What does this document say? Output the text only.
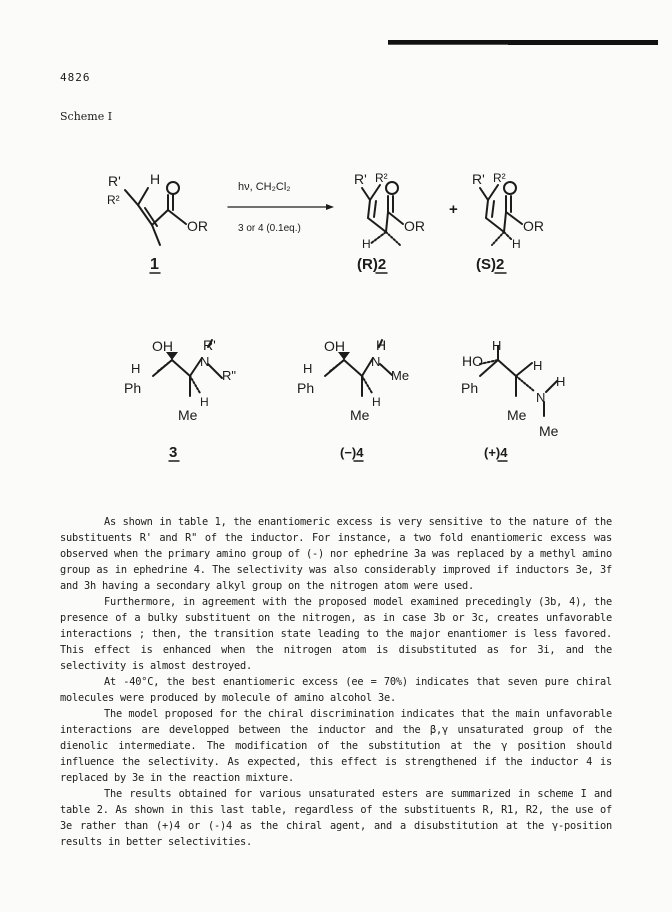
4826
Scheme I
R' H
R²
OR
1
hν, CH₂Cl₂
3 or 4 (0.1eq.)
R' R²
OR
H
(R)2
+
R' R²
OR
H
(S)2
OH R'
H	N
R"
Ph
H
Me
3
OH H
H	N
Me
Ph
H
Me
(−)4
H
HO	H
Ph
N
H
Me
Me
(+)4

As shown in table 1, the enantiomeric excess is very sensitive to the nature of the substituents R' and R" of the inductor. For instance, a two fold enantiomeric excess was observed when the primary amino group of (-) nor ephedrine 3a was replaced by a methyl amino group as in ephedrine 4. The selectivity was also considerably improved if inductors 3e, 3f and 3h having a secondary alkyl group on the nitrogen atom were used.

Furthermore, in agreement with the proposed model examined precedingly (3b, 4), the presence of a bulky substituent on the nitrogen, as in case 3b or 3c, creates unfavorable interactions ; then, the transition state leading to the major enantiomer is less favored. This effect is enhanced when the nitrogen atom is disubstituted as for 3i, and the selectivity is almost destroyed.

At -40°C, the best enantiomeric excess (ee = 70%) indicates that seven pure chiral molecules were produced by molecule of amino alcohol 3e.

The model proposed for the chiral discrimination indicates that the main unfavorable interactions are developped between the inductor and the β,γ unsaturated group of the dienolic intermediate. The modification of the substitution at the γ position should influence the selectivity. As expected, this effect is strengthened if the inductor 4 is replaced by 3e in the reaction mixture.

The results obtained for various unsaturated esters are summarized in scheme I and table 2. As shown in this last table, regardless of the substituents R, R1, R2, the use of 3e rather than (+)4 or (-)4 as the chiral agent, and a disubstitution at the γ-position results in better selectivities.
